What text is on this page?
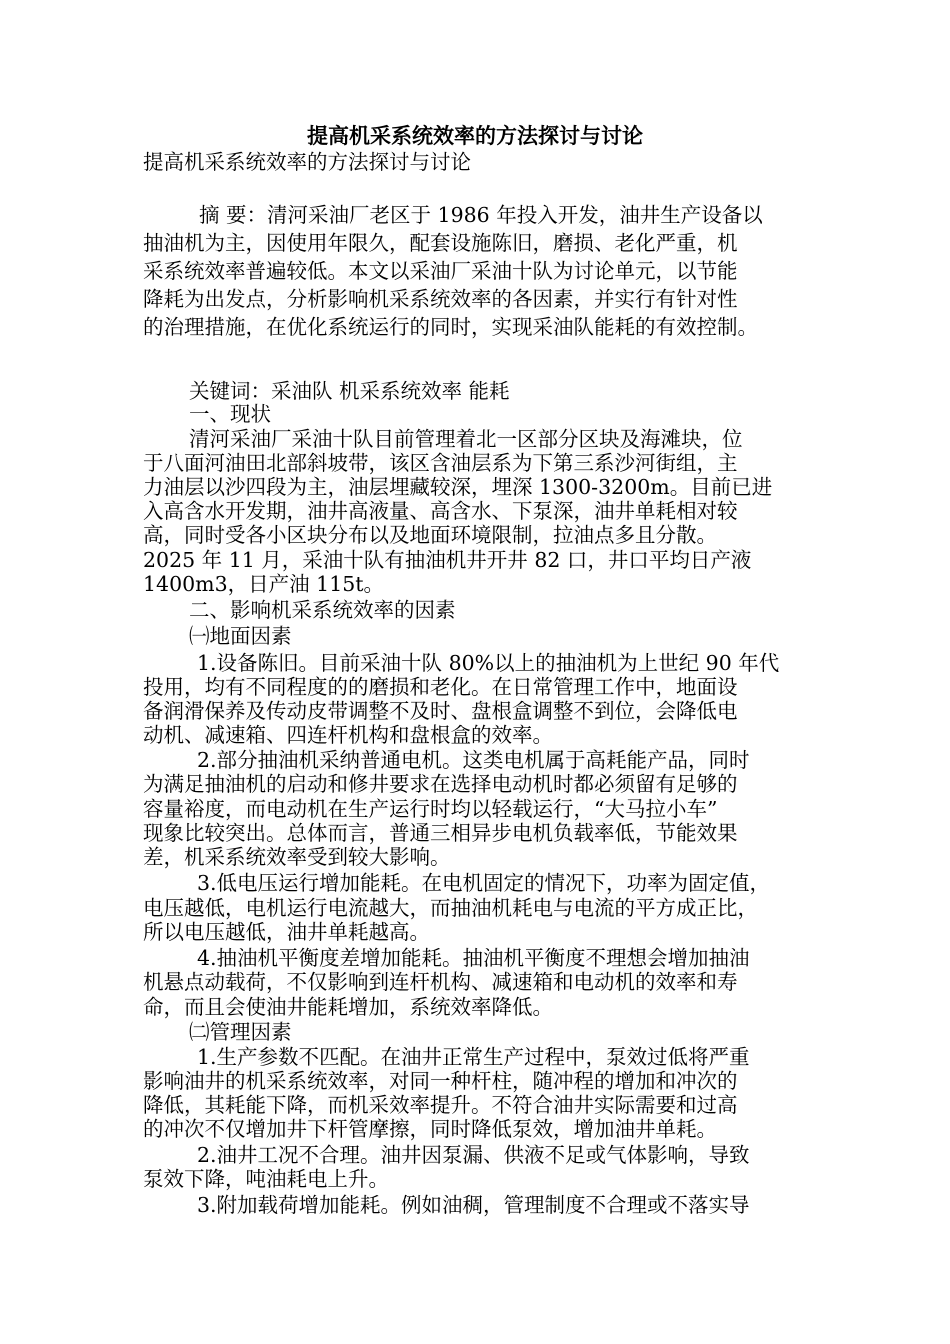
提高机采系统效率的方法探讨与讨论
提高机采系统效率的方法探讨与讨论
摘 要：清河采油厂老区于 1986 年投入开发，油井生产设备以
抽油机为主，因使用年限久，配套设施陈旧，磨损、老化严重，机
采系统效率普遍较低。本文以采油厂采油十队为讨论单元，以节能
降耗为出发点，分析影响机采系统效率的各因素，并实行有针对性
的治理措施，在优化系统运行的同时，实现采油队能耗的有效控制。
关键词：采油队 机采系统效率 能耗
一、现状
清河采油厂采油十队目前管理着北一区部分区块及海滩块，位
于八面河油田北部斜坡带，该区含油层系为下第三系沙河街组，主
力油层以沙四段为主，油层埋藏较深，埋深 1300-3200m。目前已进
入高含水开发期，油井高液量、高含水、下泵深，油井单耗相对较
高，同时受各小区块分布以及地面环境限制，拉油点多且分散。
2025 年 11 月，采油十队有抽油机井开井 82 口，井口平均日产液
1400m3，日产油 115t。
二、影响机采系统效率的因素
㈠地面因素
1.设备陈旧。目前采油十队 80%以上的抽油机为上世纪 90 年代
投用，均有不同程度的的磨损和老化。在日常管理工作中，地面设
备润滑保养及传动皮带调整不及时、盘根盒调整不到位，会降低电
动机、减速箱、四连杆机构和盘根盒的效率。
2.部分抽油机采纳普通电机。这类电机属于高耗能产品，同时
为满足抽油机的启动和修井要求在选择电动机时都必须留有足够的
容量裕度，而电动机在生产运行时均以轻载运行，“大马拉小车”
现象比较突出。总体而言，普通三相异步电机负载率低，节能效果
差，机采系统效率受到较大影响。
3.低电压运行增加能耗。在电机固定的情况下，功率为固定值，
电压越低，电机运行电流越大，而抽油机耗电与电流的平方成正比，
所以电压越低，油井单耗越高。
4.抽油机平衡度差增加能耗。抽油机平衡度不理想会增加抽油
机悬点动载荷，不仅影响到连杆机构、减速箱和电动机的效率和寿
命，而且会使油井能耗增加，系统效率降低。
㈡管理因素
1.生产参数不匹配。在油井正常生产过程中，泵效过低将严重
影响油井的机采系统效率，对同一种杆柱，随冲程的增加和冲次的
降低，其耗能下降，而机采效率提升。不符合油井实际需要和过高
的冲次不仅增加井下杆管摩擦，同时降低泵效，增加油井单耗。
2.油井工况不合理。油井因泵漏、供液不足或气体影响，导致
泵效下降，吨油耗电上升。
3.附加载荷增加能耗。例如油稠，管理制度不合理或不落实导
